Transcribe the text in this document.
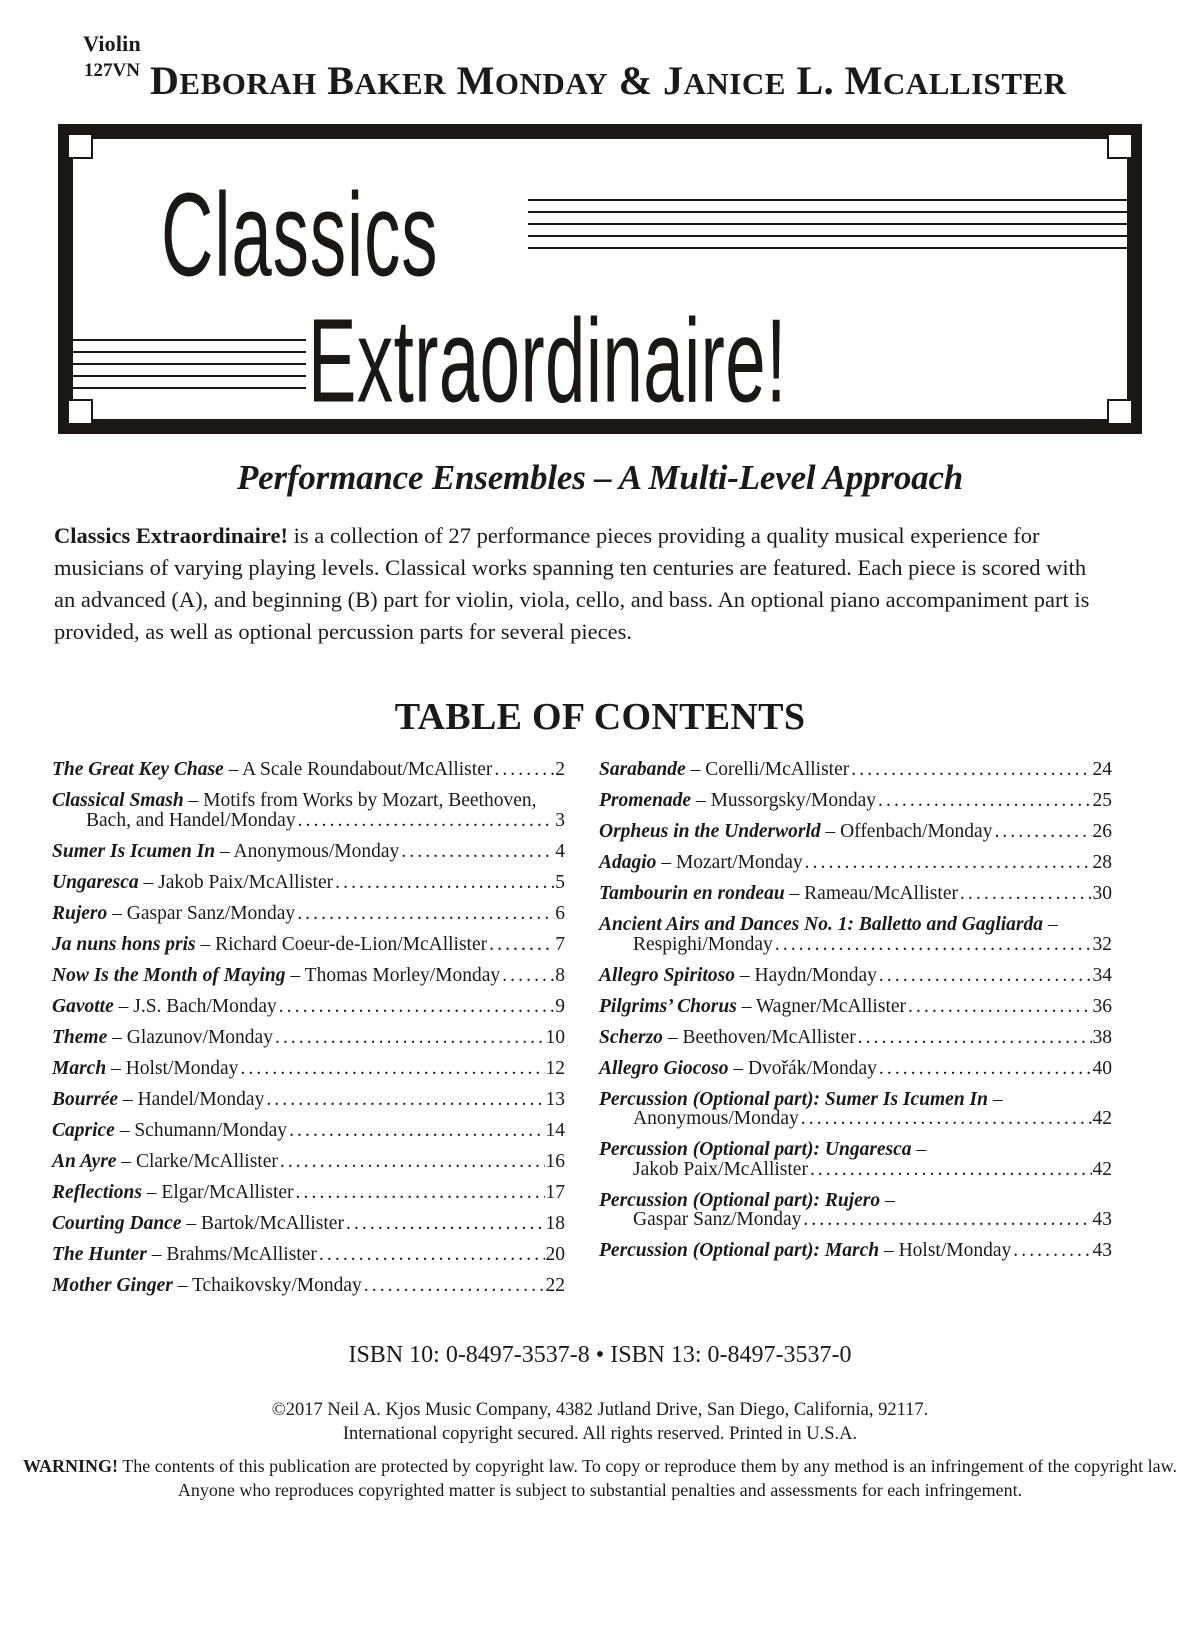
Violin
127VN DEBORAH BAKER MONDAY & JANICE L. MCALLISTER
Classics
Extraordinaire!
Performance Ensembles – A Multi-Level Approach
Classics Extraordinaire! is a collection of 27 performance pieces providing a quality musical experience for musicians of varying playing levels. Classical works spanning ten centuries are featured. Each piece is scored with an advanced (A), and beginning (B) part for violin, viola, cello, and bass. An optional piano accompaniment part is provided, as well as optional percussion parts for several pieces.
TABLE OF CONTENTS
The Great Key Chase – A Scale Roundabout/McAllister .....	2
Classical Smash – Motifs from Works by Mozart, Beethoven,
Bach, and Handel/Monday .....	3
Sumer Is Icumen In – Anonymous/Monday .....	4
Ungaresca – Jakob Paix/McAllister .....	5
Rujero – Gaspar Sanz/Monday .....	6
Ja nuns hons pris – Richard Coeur-de-Lion/McAllister .....	7
Now Is the Month of Maying – Thomas Morley/Monday .....	8
Gavotte – J.S. Bach/Monday .....	9
Theme – Glazunov/Monday .....	10
March – Holst/Monday .....	12
Bourrée – Handel/Monday .....	13
Caprice – Schumann/Monday .....	14
An Ayre – Clarke/McAllister .....	16
Reflections – Elgar/McAllister .....	17
Courting Dance – Bartok/McAllister .....	18
The Hunter – Brahms/McAllister .....	20
Mother Ginger – Tchaikovsky/Monday .....	22
Sarabande – Corelli/McAllister .....	24
Promenade – Mussorgsky/Monday .....	25
Orpheus in the Underworld – Offenbach/Monday .....	26
Adagio – Mozart/Monday .....	28
Tambourin en rondeau – Rameau/McAllister .....	30
Ancient Airs and Dances No. 1: Balletto and Gagliarda –
Respighi/Monday .....	32
Allegro Spiritoso – Haydn/Monday .....	34
Pilgrims’ Chorus – Wagner/McAllister .....	36
Scherzo – Beethoven/McAllister .....	38
Allegro Giocoso – Dvořák/Monday .....	40
Percussion (Optional part): Sumer Is Icumen In –
Anonymous/Monday .....	42
Percussion (Optional part): Ungaresca –
Jakob Paix/McAllister .....	42
Percussion (Optional part): Rujero –
Gaspar Sanz/Monday .....	43
Percussion (Optional part): March – Holst/Monday .....	43
ISBN 10: 0-8497-3537-8 • ISBN 13: 0-8497-3537-0
©2017 Neil A. Kjos Music Company, 4382 Jutland Drive, San Diego, California, 92117.
International copyright secured. All rights reserved. Printed in U.S.A.
WARNING! The contents of this publication are protected by copyright law. To copy or reproduce them by any method is an infringement of the copyright law. Anyone who reproduces copyrighted matter is subject to substantial penalties and assessments for each infringement.
